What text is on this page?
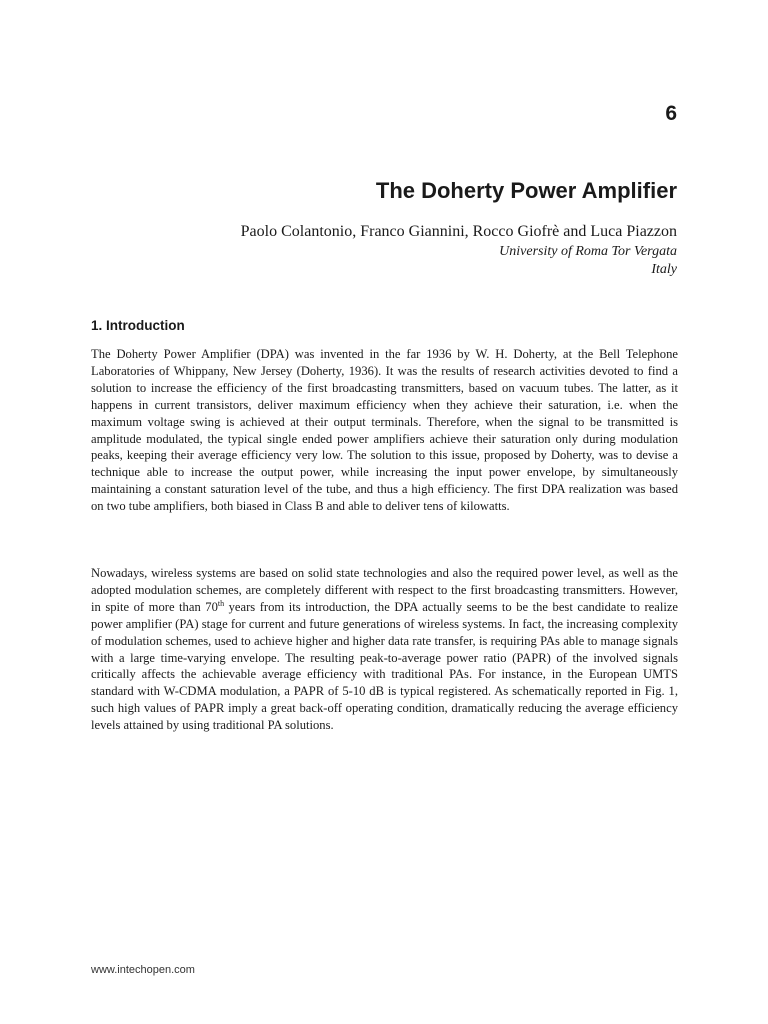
6
The Doherty Power Amplifier
Paolo Colantonio, Franco Giannini, Rocco Giofrè and Luca Piazzon
University of Roma Tor Vergata
Italy
1. Introduction
The Doherty Power Amplifier (DPA) was invented in the far 1936 by W. H. Doherty, at the Bell Telephone Laboratories of Whippany, New Jersey (Doherty, 1936). It was the results of research activities devoted to find a solution to increase the efficiency of the first broadcasting transmitters, based on vacuum tubes. The latter, as it happens in current transistors, deliver maximum efficiency when they achieve their saturation, i.e. when the maximum voltage swing is achieved at their output terminals. Therefore, when the signal to be transmitted is amplitude modulated, the typical single ended power amplifiers achieve their saturation only during modulation peaks, keeping their average efficiency very low. The solution to this issue, proposed by Doherty, was to devise a technique able to increase the output power, while increasing the input power envelope, by simultaneously maintaining a constant saturation level of the tube, and thus a high efficiency. The first DPA realization was based on two tube amplifiers, both biased in Class B and able to deliver tens of kilowatts.
Nowadays, wireless systems are based on solid state technologies and also the required power level, as well as the adopted modulation schemes, are completely different with respect to the first broadcasting transmitters. However, in spite of more than 70th years from its introduction, the DPA actually seems to be the best candidate to realize power amplifier (PA) stage for current and future generations of wireless systems. In fact, the increasing complexity of modulation schemes, used to achieve higher and higher data rate transfer, is requiring PAs able to manage signals with a large time-varying envelope. The resulting peak-to-average power ratio (PAPR) of the involved signals critically affects the achievable average efficiency with traditional PAs. For instance, in the European UMTS standard with W-CDMA modulation, a PAPR of 5-10 dB is typical registered. As schematically reported in Fig. 1, such high values of PAPR imply a great back-off operating condition, dramatically reducing the average efficiency levels attained by using traditional PA solutions.
www.intechopen.com
